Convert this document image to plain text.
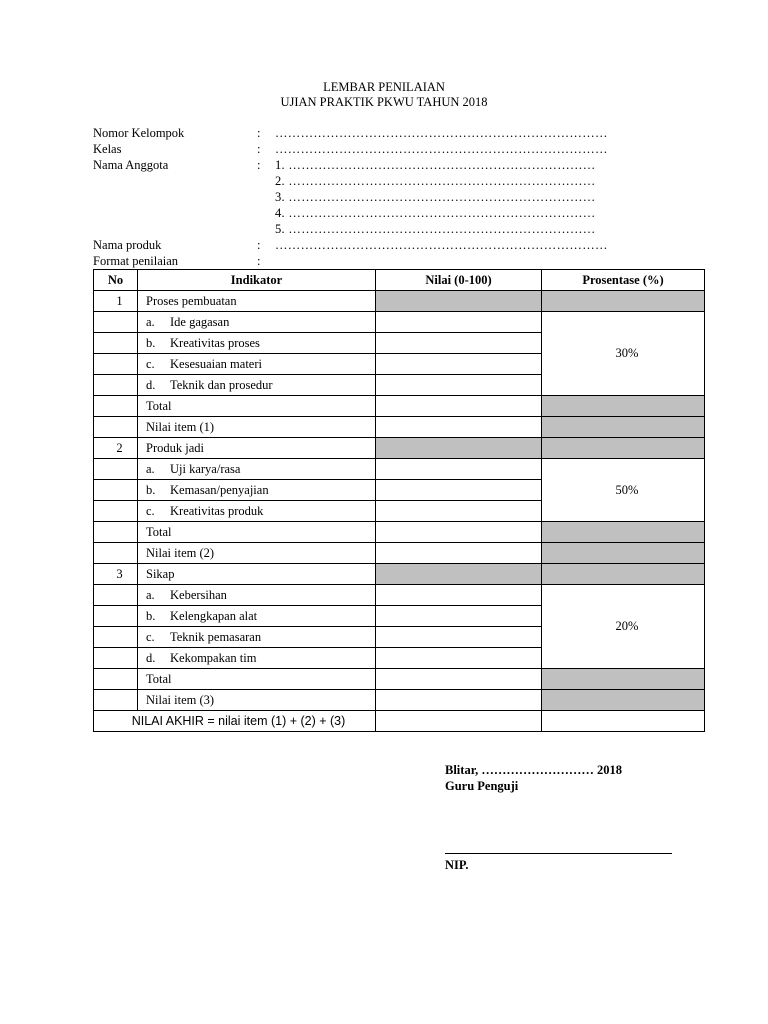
LEMBAR PENILAIAN
UJIAN PRAKTIK PKWU TAHUN 2018
Nomor Kelompok	: ……………………………………………………………………
Kelas	: ……………………………………………………………………
Nama Anggota	: 1. ………………………………………………………………
2. ………………………………………………………………
3. ………………………………………………………………
4. ………………………………………………………………
5. ………………………………………………………………
Nama produk	: ……………………………………………………………………
Format penilaian	:
No	Indikator	Nilai (0-100)	Prosentase (%)
1	Proses pembuatan		
	a. Ide gagasan		30%
	b. Kreativitas proses		
	c. Kesesuaian materi		
	d. Teknik dan prosedur		
	Total		
	Nilai item (1)		
2	Produk jadi		
	a. Uji karya/rasa		50%
	b. Kemasan/penyajian		
	c. Kreativitas produk		
	Total		
	Nilai item (2)		
3	Sikap		
	a. Kebersihan		20%
	b. Kelengkapan alat		
	c. Teknik pemasaran		
	d. Kekompakan tim		
	Total		
	Nilai item (3)		
NILAI AKHIR = nilai item (1) + (2) + (3)			
Blitar, ……………………… 2018
Guru Penguji
NIP.
